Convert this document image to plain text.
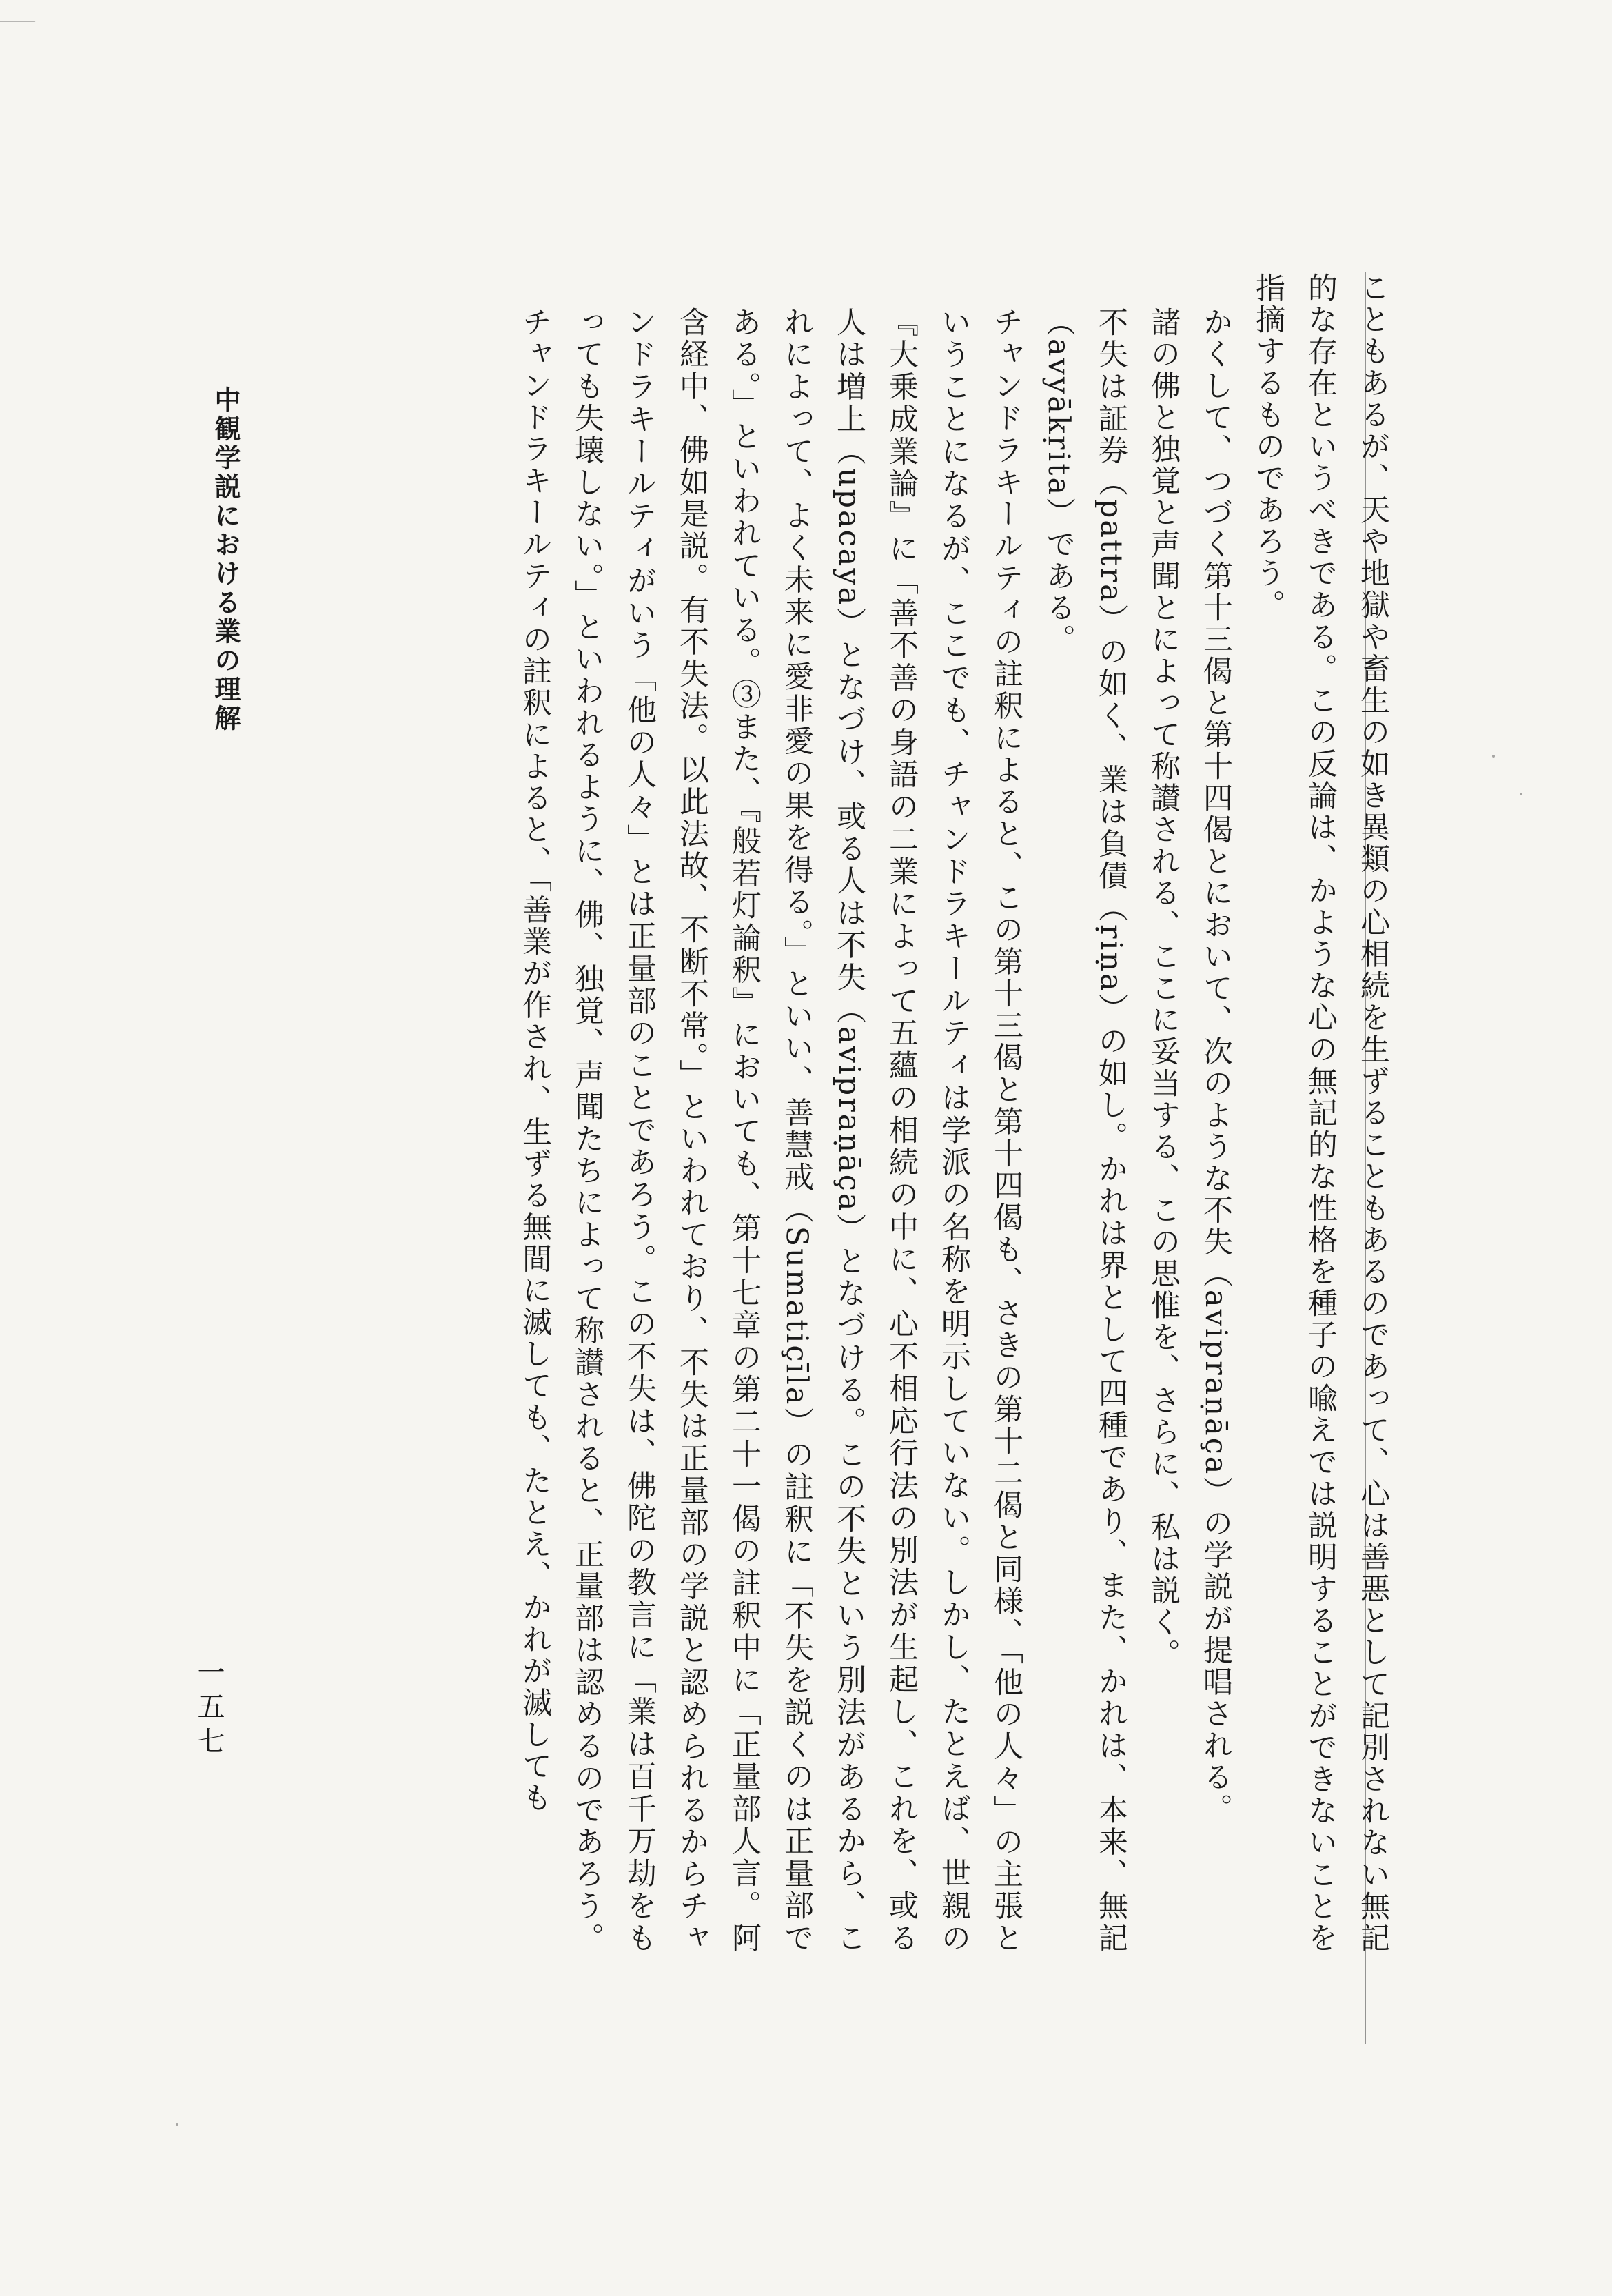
こともあるが、天や地獄や畜生の如き異類の心相続を生ずることもあるのであって、心は善悪として記別されない無記的な存在というべきである。この反論は、かような心の無記的な性格を種子の喩えでは説明することができないことを指摘するものであろう。

かくして、つづく第十三偈と第十四偈とにおいて、次のような不失（avipraṇāça）の学説が提唱される。

諸の佛と独覚と声聞とによって称讃される、ここに妥当する、この思惟を、さらに、私は説く。

不失は証券（pattra）の如く、業は負債（ṛiṇa）の如し。かれは界として四種であり、また、かれは、本来、無記（avyākṛita）である。

チャンドラキールティの註釈によると、この第十三偈と第十四偈も、さきの第十二偈と同様、「他の人々」の主張ということになるが、ここでも、チャンドラキールティは学派の名称を明示していない。しかし、たとえば、世親の『大乗成業論』に「善不善の身語の二業によって五蘊の相続の中に、心不相応行法の別法が生起し、これを、或る人は増上（upacaya）となづけ、或る人は不失（avipraṇāça）となづける。この不失という別法があるから、これによって、よく未来に愛非愛の果を得る。」といい、善慧戒（Sumatiçīla）の註釈に「不失を説くのは正量部である。」といわれている。③また、『般若灯論釈』においても、第十七章の第二十一偈の註釈中に「正量部人言。阿含経中、佛如是説。有不失法。以此法故、不断不常。」といわれており、不失は正量部の学説と認められるからチャンドラキールティがいう「他の人々」とは正量部のことであろう。この不失は、佛陀の教言に「業は百千万劫をもっても失壊しない。」といわれるように、佛、独覚、声聞たちによって称讃されると、正量部は認めるのであろう。チャンドラキールティの註釈によると、「善業が作され、生ずる無間に滅しても、たとえ、かれが滅しても

中観学説における業の理解
一五七
